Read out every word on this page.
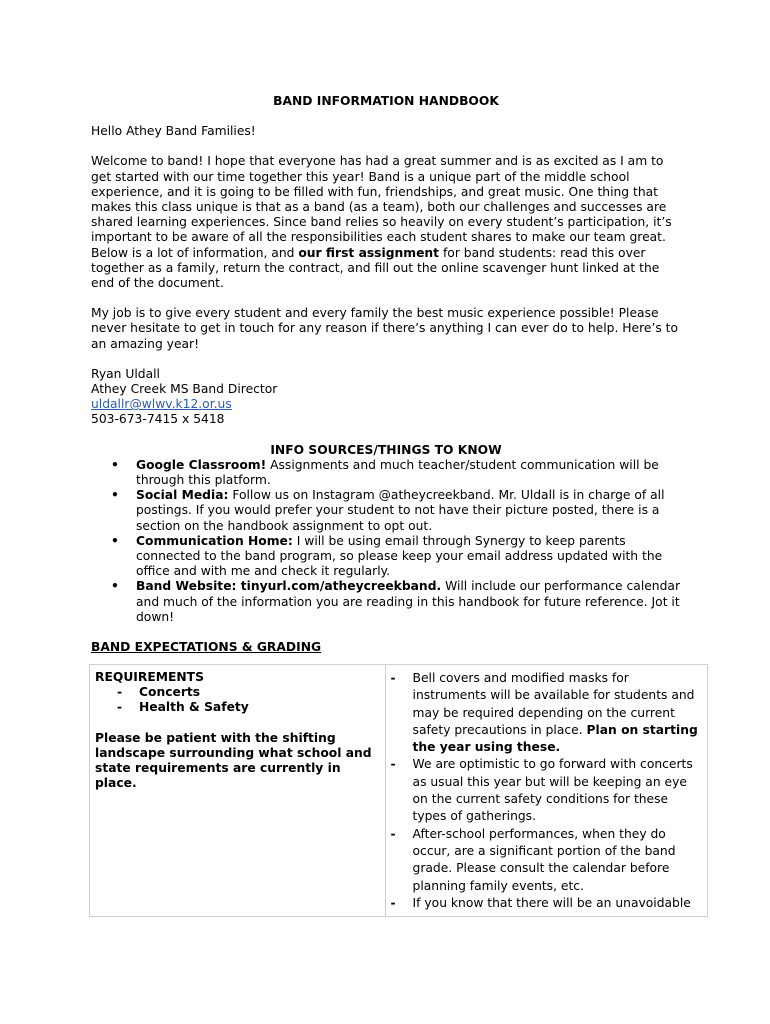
BAND INFORMATION HANDBOOK

Hello Athey Band Families!

Welcome to band! I hope that everyone has had a great summer and is as excited as I am to get started with our time together this year! Band is a unique part of the middle school experience, and it is going to be filled with fun, friendships, and great music. One thing that makes this class unique is that as a band (as a team), both our challenges and successes are shared learning experiences. Since band relies so heavily on every student’s participation, it’s important to be aware of all the responsibilities each student shares to make our team great. Below is a lot of information, and our first assignment for band students: read this over together as a family, return the contract, and fill out the online scavenger hunt linked at the end of the document.

My job is to give every student and every family the best music experience possible! Please never hesitate to get in touch for any reason if there’s anything I can ever do to help. Here’s to an amazing year!

Ryan Uldall
Athey Creek MS Band Director
uldallr@wlwv.k12.or.us
503-673-7415 x 5418
INFO SOURCES/THINGS TO KNOW
• Google Classroom! Assignments and much teacher/student communication will be through this platform.
• Social Media: Follow us on Instagram @atheycreekband. Mr. Uldall is in charge of all postings. If you would prefer your student to not have their picture posted, there is a section on the handbook assignment to opt out.
• Communication Home: I will be using email through Synergy to keep parents connected to the band program, so please keep your email address updated with the office and with me and check it regularly.
• Band Website: tinyurl.com/atheycreekband. Will include our performance calendar and much of the information you are reading in this handbook for future reference. Jot it down!
BAND EXPECTATIONS & GRADING
REQUIREMENTS
- Concerts
- Health & Safety
Please be patient with the shifting landscape surrounding what school and state requirements are currently in place.

- Bell covers and modified masks for instruments will be available for students and may be required depending on the current safety precautions in place. Plan on starting the year using these.
- We are optimistic to go forward with concerts as usual this year but will be keeping an eye on the current safety conditions for these types of gatherings.
- After-school performances, when they do occur, are a significant portion of the band grade. Please consult the calendar before planning family events, etc.
- If you know that there will be an unavoidable
